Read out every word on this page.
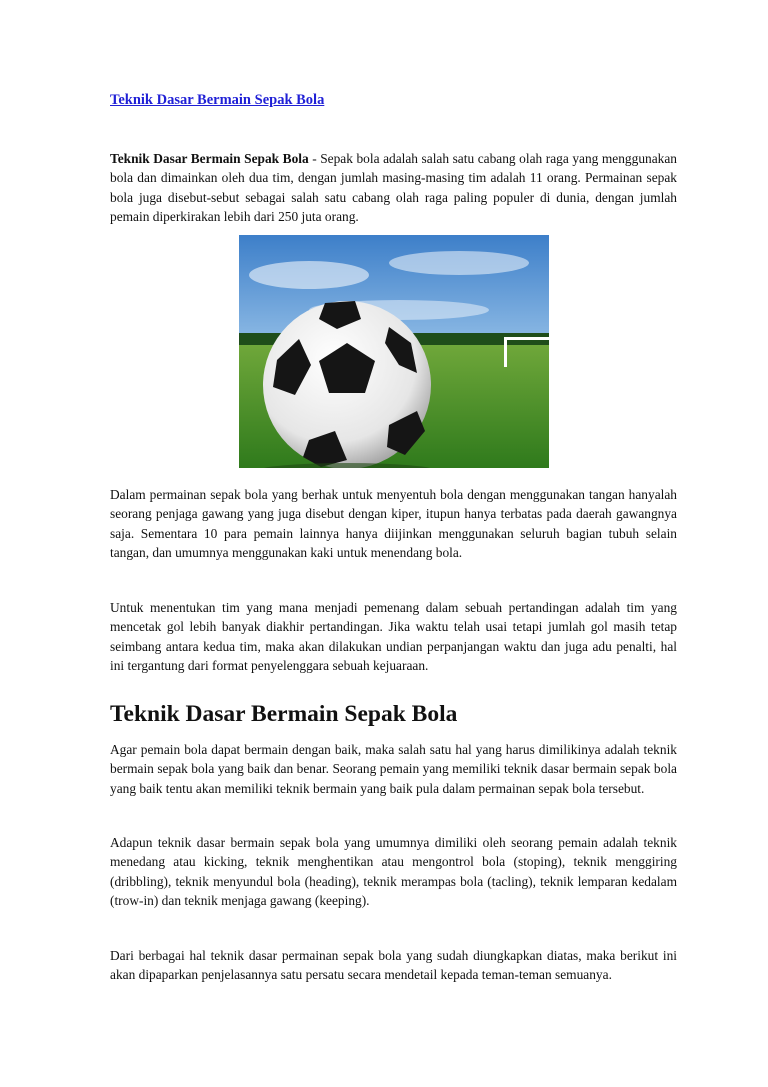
Teknik Dasar Bermain Sepak Bola

Teknik Dasar Bermain Sepak Bola - Sepak bola adalah salah satu cabang olah raga yang menggunakan bola dan dimainkan oleh dua tim, dengan jumlah masing-masing tim adalah 11 orang. Permainan sepak bola juga disebut-sebut sebagai salah satu cabang olah raga paling populer di dunia, dengan jumlah pemain diperkirakan lebih dari 250 juta orang.

Dalam permainan sepak bola yang berhak untuk menyentuh bola dengan menggunakan tangan hanyalah seorang penjaga gawang yang juga disebut dengan kiper, itupun hanya terbatas pada daerah gawangnya saja. Sementara 10 para pemain lainnya hanya diijinkan menggunakan seluruh bagian tubuh selain tangan, dan umumnya menggunakan kaki untuk menendang bola.

Untuk menentukan tim yang mana menjadi pemenang dalam sebuah pertandingan adalah tim yang mencetak gol lebih banyak diakhir pertandingan. Jika waktu telah usai tetapi jumlah gol masih tetap seimbang antara kedua tim, maka akan dilakukan undian perpanjangan waktu dan juga adu penalti, hal ini tergantung dari format penyelenggara sebuah kejuaraan.

Teknik Dasar Bermain Sepak Bola

Agar pemain bola dapat bermain dengan baik, maka salah satu hal yang harus dimilikinya adalah teknik bermain sepak bola yang baik dan benar. Seorang pemain yang memiliki teknik dasar bermain sepak bola yang baik tentu akan memiliki teknik bermain yang baik pula dalam permainan sepak bola tersebut.

Adapun teknik dasar bermain sepak bola yang umumnya dimiliki oleh seorang pemain adalah teknik menedang atau kicking, teknik menghentikan atau mengontrol bola (stoping), teknik menggiring (dribbling), teknik menyundul bola (heading), teknik merampas bola (tacling), teknik lemparan kedalam (trow-in) dan teknik menjaga gawang (keeping).

Dari berbagai hal teknik dasar permainan sepak bola yang sudah diungkapkan diatas, maka berikut ini akan dipaparkan penjelasannya satu persatu secara mendetail kepada teman-teman semuanya.
